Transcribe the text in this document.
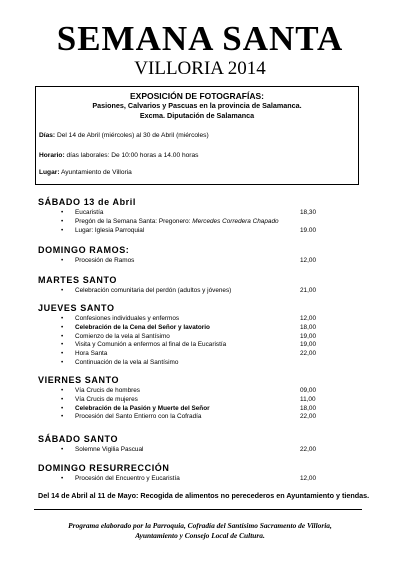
SEMANA SANTA
VILLORIA 2014
EXPOSICIÓN DE FOTOGRAFÍAS:
Pasiones, Calvarios y Pascuas en la provincia de Salamanca.
Excma. Diputación de Salamanca
Días: Del 14 de Abril (miércoles) al 30 de Abril (miércoles)
Horario: días laborales: De 10:00 horas a 14.00 horas
Lugar: Ayuntamiento de Villoria
SÁBADO 13 de Abril
• Eucaristía	18,30
• Pregón de la Semana Santa: Pregonero: Mercedes Corredera Chapado
• Lugar: Iglesia Parroquial	19.00
DOMINGO RAMOS:
• Procesión de Ramos	12,00
MARTES SANTO
• Celebración comunitaria del perdón (adultos y jóvenes)	21,00
JUEVES SANTO
• Confesiones individuales y enfermos	12,00
• Celebración de la Cena del Señor y lavatorio	18,00
• Comienzo de la vela al Santísimo	19,00
• Visita y Comunión a enfermos al final de la Eucaristía	19,00
• Hora Santa	22,00
• Continuación de la vela al Santísimo
VIERNES SANTO
• Vía Crucis de hombres	09,00
• Vía Crucis de mujeres	11,00
• Celebración de la Pasión y Muerte del Señor	18,00
• Procesión del Santo Entierro con la Cofradía	22,00
SÁBADO SANTO
• Solemne Vigilia Pascual	22,00
DOMINGO RESURRECCIÓN
• Procesión del Encuentro y Eucaristía	12,00
Del 14 de Abril al 11 de Mayo: Recogida de alimentos no perecederos en Ayuntamiento y tiendas.
Programa elaborado por la Parroquia, Cofradía del Santísimo Sacramento de Villoria,
Ayuntamiento y Consejo Local de Cultura.
